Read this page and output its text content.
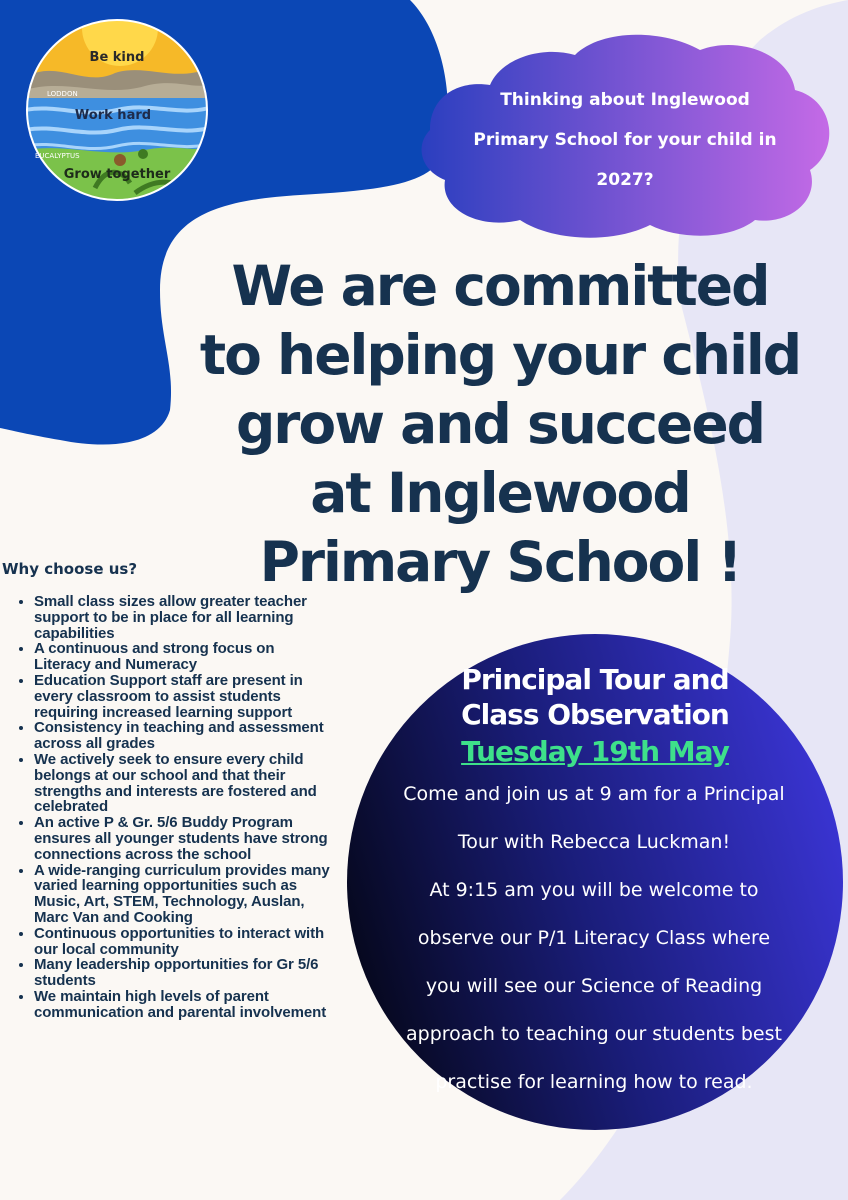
LODDON
EUCALYPTUS
Be kind
Work hard
Grow together
Thinking about Inglewood
Primary School for your child in
2027?
We are committed
to helping your child
grow and succeed
at Inglewood
Primary School !
Why choose us?
• Small class sizes allow greater teacher support to be in place for all learning capabilities
• A continuous and strong focus on Literacy and Numeracy
• Education Support staff are present in every classroom to assist students requiring increased learning support
• Consistency in teaching and assessment across all grades
• We actively seek to ensure every child belongs at our school and that their strengths and interests are fostered and celebrated
• An active P & Gr. 5/6 Buddy Program ensures all younger students have strong connections across the school
• A wide-ranging curriculum provides many varied learning opportunities such as Music, Art, STEM, Technology, Auslan, Marc Van and Cooking
• Continuous opportunities to interact with our local community
• Many leadership opportunities for Gr 5/6 students
• We maintain high levels of parent communication and parental involvement
Principal Tour and
Class Observation
Tuesday 19th May
Come and join us at 9 am for a Principal
Tour with Rebecca Luckman!
At 9:15 am you will be welcome to
observe our P/1 Literacy Class where
you will see our Science of Reading
approach to teaching our students best
practise for learning how to read.
